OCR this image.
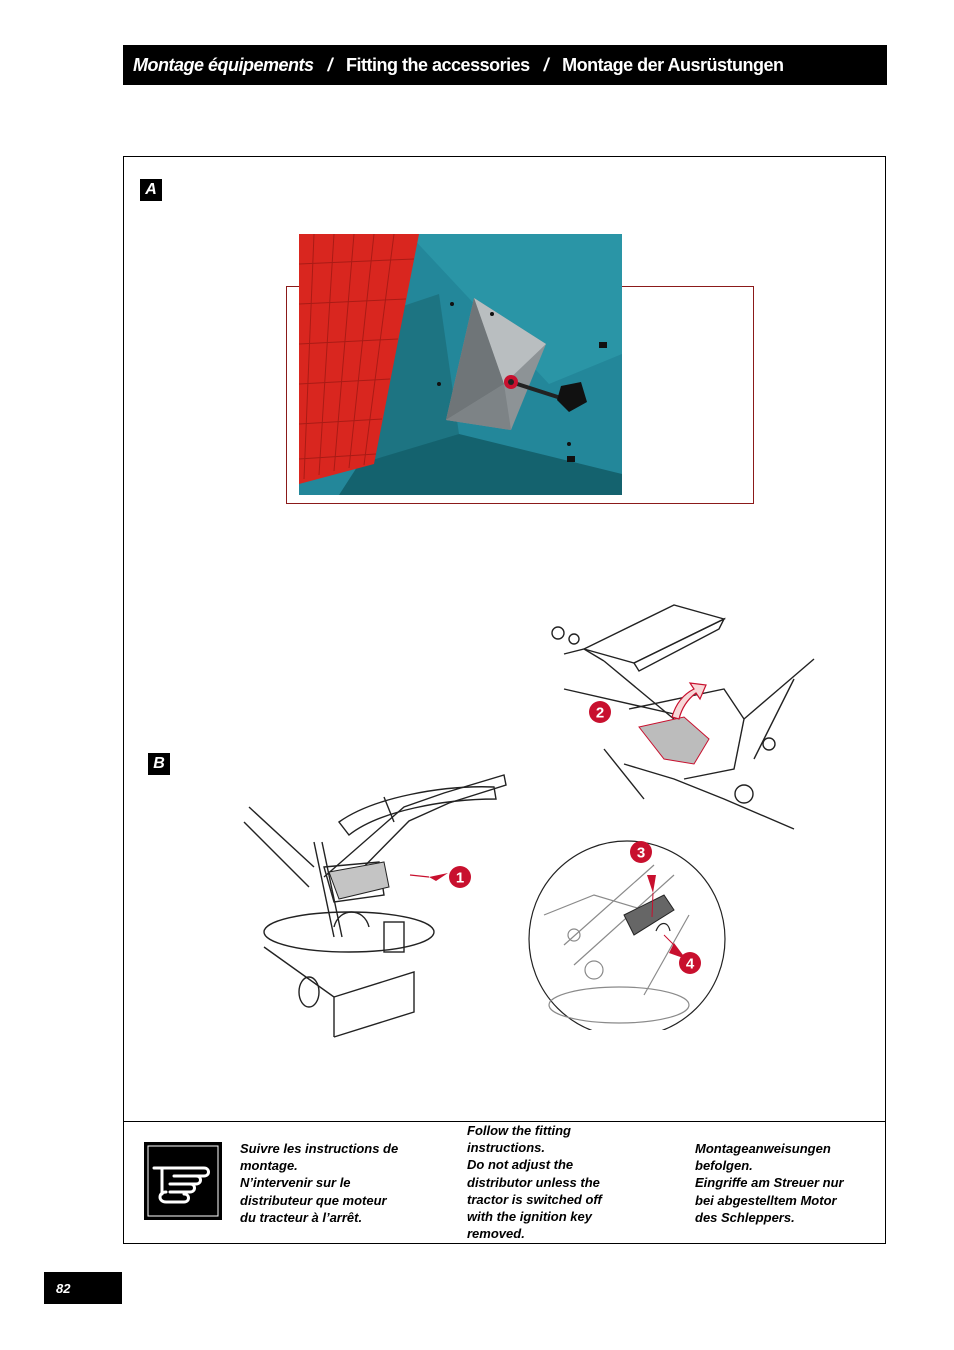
Montage équipements / Fitting the accessories / Montage der Ausrüstungen
A
2
B
1
3
4
Suivre les instructions de
montage.
N’intervenir sur le
distributeur que moteur
du tracteur à l’arrêt.
Follow the fitting
instructions.
Do not adjust the
distributor unless the
tractor is switched off
with the ignition key
removed.
Montageanweisungen
befolgen.
Eingriffe am Streuer nur
bei abgestelltem Motor
des Schleppers.
82
